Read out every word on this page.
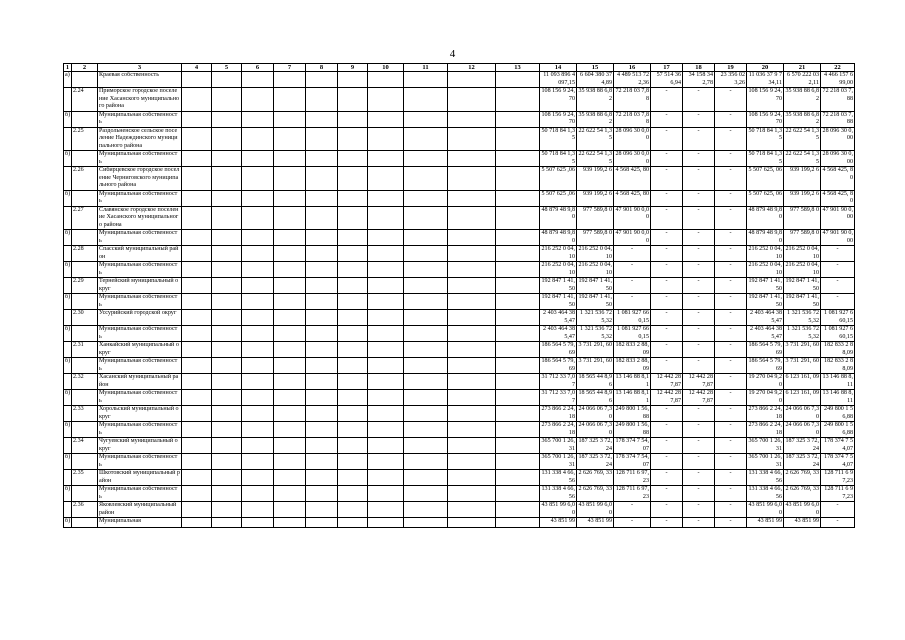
4
1	2	3	4	5	6	7	8	9	10	11	12	13	14	15	16	17	18	19	20	21	22
а)		Краевая собственность											11 093 896 4 097,15	6 604 380 374,89	4 489 513 722,36	57 514 36 6,94	34 158 34 2,78	23 356 02 3,26	11 036 37 9 734,11	6 570 222 032,11	4 466 157 699,00
	2.24	Приморское городское поселение Хасанского муниципального района											108 156 9 24,70	35 938 88 6,82	72 218 03 7,88	-	-	-	108 156 9 24,70	35 938 88 6,82	72 218 03 7,88
б)		Муниципальная собственность											108 156 9 24,70	35 938 88 6,82	72 218 03 7,88	-	-	-	108 156 9 24,70	35 938 88 6,82	72 218 03 7,88
	2.25	Раздольненское сельское поселение Надеждинского муниципального района											50 718 84 1,35	22 622 54 1,35	28 096 30 0,00	-	-	-	50 718 84 1,35	22 622 54 1,35	28 096 30 0,00
б)		Муниципальная собственность											50 718 84 1,35	22 622 54 1,35	28 096 30 0,00	-	-	-	50 718 84 1,35	22 622 54 1,35	28 096 30 0,00
	2.26	Сибирцевское городское поселение Черниговского муниципального района											5 507 625 ,06	939 199,2 6	4 568 425, 80	-	-	-	5 507 625, 06	939 199,2 6	4 568 425, 80
б)		Муниципальная собственность											5 507 625 ,06	939 199,2 6	4 568 425, 80	-	-	-	5 507 625, 06	939 199,2 6	4 568 425, 80
	2.27	Славянское городское поселение Хасанского муниципального района											48 879 48 9,80	977 589,8 0	47 901 90 0,00	-	-	-	48 879 48 9,80	977 589,8 0	47 901 90 0,00
б)		Муниципальная собственность											48 879 48 9,80	977 589,8 0	47 901 90 0,00	-	-	-	48 879 48 9,80	977 589,8 0	47 901 90 0,00
	2.28	Спасский муниципальный район											216 252 0 04,10	216 252 0 04,10	-	-	-	-	216 252 0 04,10	216 252 0 04,10	-
б)		Муниципальная собственность											216 252 0 04,10	216 252 0 04,10	-	-	-	-	216 252 0 04,10	216 252 0 04,10	-
	2.29	Тернейский муниципальный округ											192 847 1 41,50	192 847 1 41,50	-	-	-	-	192 847 1 41,50	192 847 1 41,50	-
б)		Муниципальная собственность											192 847 1 41,50	192 847 1 41,50	-	-	-	-	192 847 1 41,50	192 847 1 41,50	-
	2.30	Уссурийский городской округ											2 403 464 385,47	1 321 536 725,32	1 081 927 660,15	-	-	-	2 403 464 385,47	1 321 536 725,32	1 081 927 660,15
б)		Муниципальная собственность											2 403 464 385,47	1 321 536 725,32	1 081 927 660,15	-	-	-	2 403 464 385,47	1 321 536 725,32	1 081 927 660,15
	2.31	Ханкайский муниципальный округ											186 564 5 79,69	3 731 291, 60	182 833 2 88,09	-	-	-	186 564 5 79,69	3 731 291, 60	182 833 2 88,09
б)		Муниципальная собственность											186 564 5 79,69	3 731 291, 60	182 833 2 88,09	-	-	-	186 564 5 79,69	3 731 291, 60	182 833 2 88,09
	2.32	Хасанский муниципальный район											31 712 33 7,07	18 565 44 8,96	13 146 88 8,11	12 442 28 7,87	12 442 28 7,87	-	19 270 04 9,20	6 123 161, 09	13 146 88 8,11
б)		Муниципальная собственность											31 712 33 7,07	18 565 44 8,96	13 146 88 8,11	12 442 28 7,87	12 442 28 7,87	-	19 270 04 9,20	6 123 161, 09	13 146 88 8,11
	2.33	Хорольский муниципальный округ											273 866 2 24,18	24 066 06 7,30	249 800 1 56,88	-	-	-	273 866 2 24,18	24 066 06 7,30	249 800 1 56,88
б)		Муниципальная собственность											273 866 2 24,18	24 066 06 7,30	249 800 1 56,88	-	-	-	273 866 2 24,18	24 066 06 7,30	249 800 1 56,88
	2.34	Чугуевский муниципальный округ											365 700 1 26,31	187 325 3 72,24	178 374 7 54,07	-	-	-	365 700 1 26,31	187 325 3 72,24	178 374 7 54,07
б)		Муниципальная собственность											365 700 1 26,31	187 325 3 72,24	178 374 7 54,07	-	-	-	365 700 1 26,31	187 325 3 72,24	178 374 7 54,07
	2.35	Шкотовский муниципальный район											131 338 4 66,56	2 626 769, 33	128 711 6 97,23	-	-	-	131 338 4 66,56	2 626 769, 33	128 711 6 97,23
б)		Муниципальная собственность											131 338 4 66,56	2 626 769, 33	128 711 6 97,23	-	-	-	131 338 4 66,56	2 626 769, 33	128 711 6 97,23
	2.36	Яковлевский муниципальный район											43 851 99 6,00	43 851 99 6,00	-	-	-	-	43 851 99 6,00	43 851 99 6,00	-
б)		Муниципальная											43 851 99	43 851 99	-	-	-	-	43 851 99	43 851 99	-
